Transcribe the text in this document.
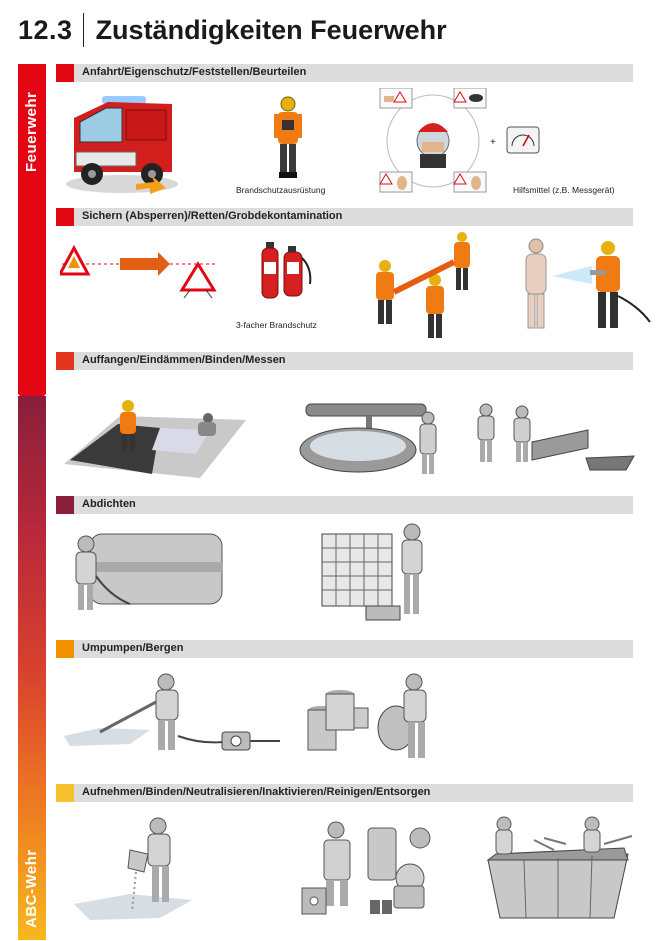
12.3 Zuständigkeiten Feuerwehr
Feuerwehr
ABC-Wehr
Anfahrt/Eigenschutz/Feststellen/Beurteilen
Brandschutzausrüstung
+
Hilfsmittel (z.B. Messgerät)
Sichern (Absperren)/Retten/Grobdekontamination
3-facher Brandschutz
Auffangen/Eindämmen/Binden/Messen
Abdichten
Umpumpen/Bergen
Aufnehmen/Binden/Neutralisieren/Inaktivieren/Reinigen/Entsorgen
